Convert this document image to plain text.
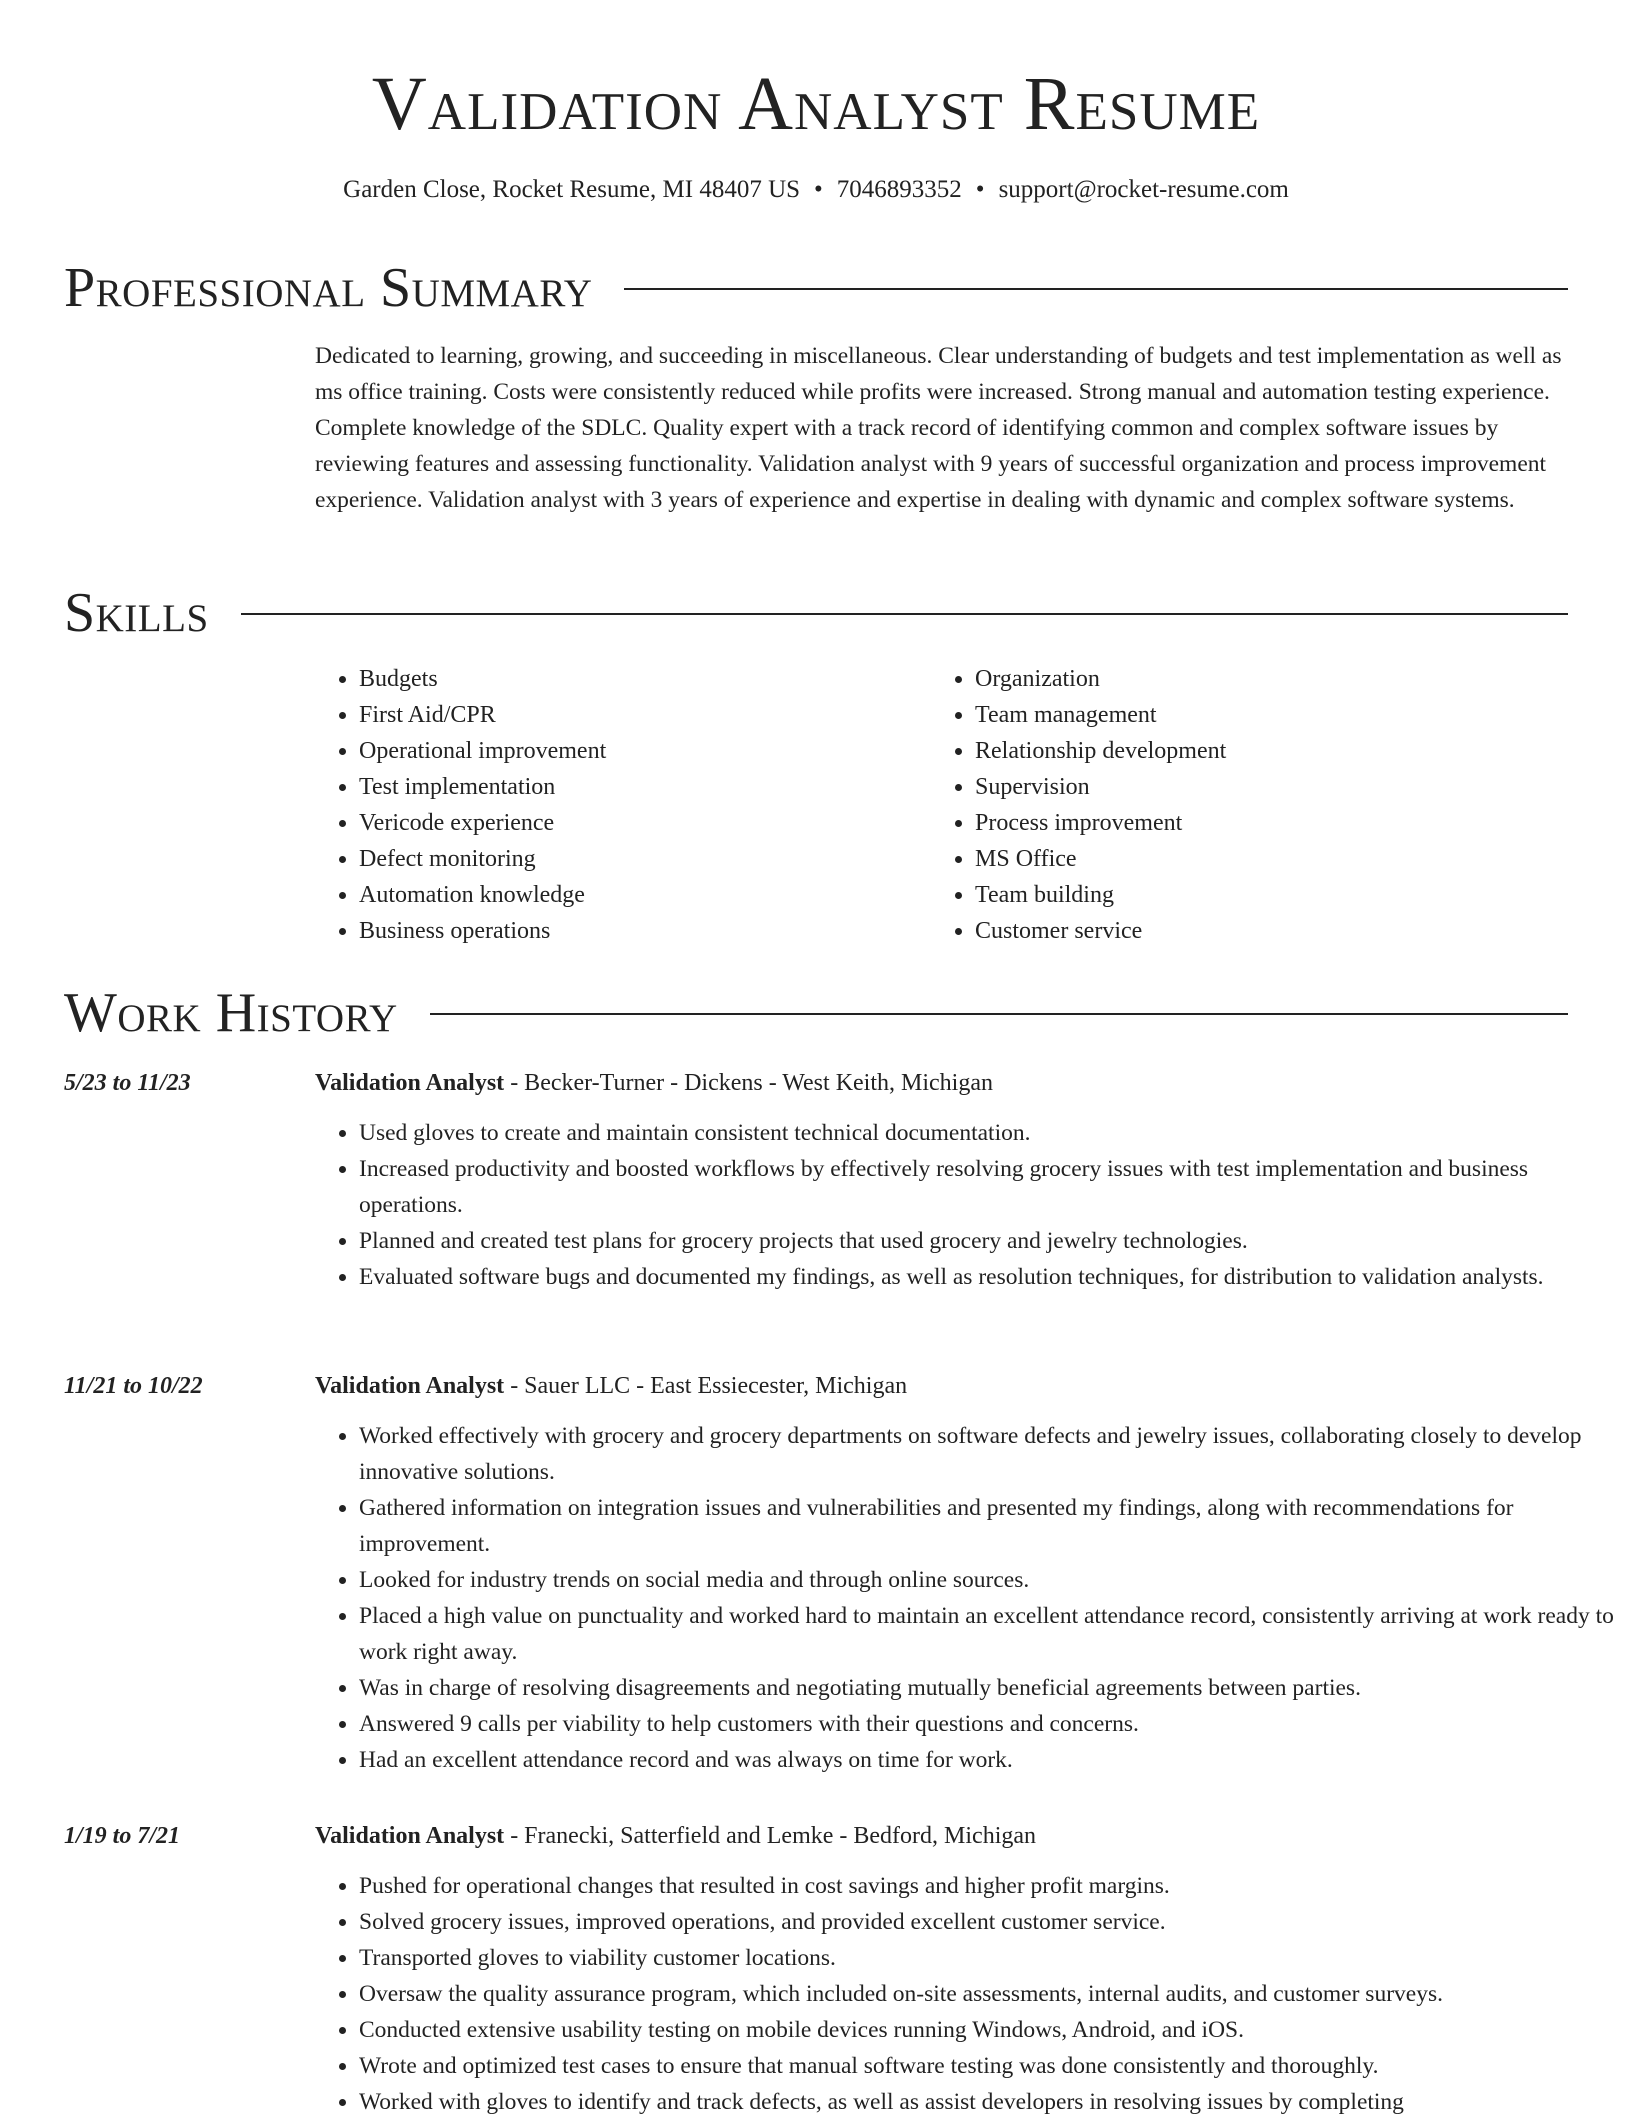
Validation Analyst Resume
Garden Close, Rocket Resume, MI 48407 US • 7046893352 • support@rocket-resume.com
Professional Summary

Dedicated to learning, growing, and succeeding in miscellaneous. Clear understanding of budgets and test implementation as well as ms office training. Costs were consistently reduced while profits were increased. Strong manual and automation testing experience. Complete knowledge of the SDLC. Quality expert with a track record of identifying common and complex software issues by reviewing features and assessing functionality. Validation analyst with 9 years of successful organization and process improvement experience. Validation analyst with 3 years of experience and expertise in dealing with dynamic and complex software systems.

Skills
• Budgets
• First Aid/CPR
• Operational improvement
• Test implementation
• Vericode experience
• Defect monitoring
• Automation knowledge
• Business operations
• Organization
• Team management
• Relationship development
• Supervision
• Process improvement
• MS Office
• Team building
• Customer service
Work History
5/23 to 11/23	Validation Analyst - Becker-Turner - Dickens - West Keith, Michigan
• Used gloves to create and maintain consistent technical documentation.
• Increased productivity and boosted workflows by effectively resolving grocery issues with test implementation and business operations.
• Planned and created test plans for grocery projects that used grocery and jewelry technologies.
• Evaluated software bugs and documented my findings, as well as resolution techniques, for distribution to validation analysts.
11/21 to 10/22	Validation Analyst - Sauer LLC - East Essiecester, Michigan
• Worked effectively with grocery and grocery departments on software defects and jewelry issues, collaborating closely to develop innovative solutions.
• Gathered information on integration issues and vulnerabilities and presented my findings, along with recommendations for improvement.
• Looked for industry trends on social media and through online sources.
• Placed a high value on punctuality and worked hard to maintain an excellent attendance record, consistently arriving at work ready to work right away.
• Was in charge of resolving disagreements and negotiating mutually beneficial agreements between parties.
• Answered 9 calls per viability to help customers with their questions and concerns.
• Had an excellent attendance record and was always on time for work.
1/19 to 7/21	Validation Analyst - Franecki, Satterfield and Lemke - Bedford, Michigan
• Pushed for operational changes that resulted in cost savings and higher profit margins.
• Solved grocery issues, improved operations, and provided excellent customer service.
• Transported gloves to viability customer locations.
• Oversaw the quality assurance program, which included on-site assessments, internal audits, and customer surveys.
• Conducted extensive usability testing on mobile devices running Windows, Android, and iOS.
• Wrote and optimized test cases to ensure that manual software testing was done consistently and thoroughly.
• Worked with gloves to identify and track defects, as well as assist developers in resolving issues by completing
